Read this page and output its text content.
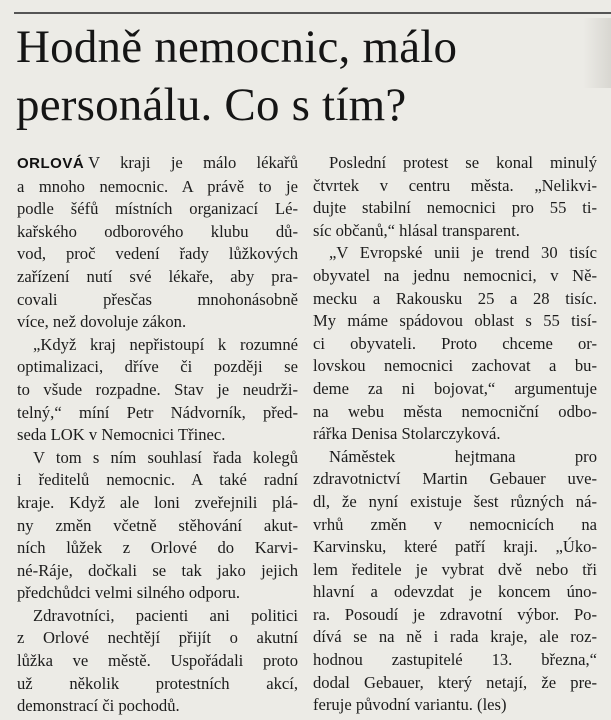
Hodně nemocnic, málo
personálu. Co s tím?
ORLOVÁ V kraji je málo lékařů
a mnoho nemocnic. A právě to je
podle šéfů místních organizací Lé-
kařského odborového klubu dů-
vod, proč vedení řady lůžkových
zařízení nutí své lékaře, aby pra-
covali přesčas mnohonásobně
více, než dovoluje zákon.
„Když kraj nepřistoupí k rozumné
optimalizaci, dříve či později se
to všude rozpadne. Stav je neudrži-
telný,“ míní Petr Nádvorník, před-
seda LOK v Nemocnici Třinec.
V tom s ním souhlasí řada kolegů
i ředitelů nemocnic. A také radní
kraje. Když ale loni zveřejnili plá-
ny změn včetně stěhování akut-
ních lůžek z Orlové do Karvi-
né-Ráje, dočkali se tak jako jejich
předchůdci velmi silného odporu.
Zdravotníci, pacienti ani politici
z Orlové nechtějí přijít o akutní
lůžka ve městě. Uspořádali proto
už několik protestních akcí,
demonstrací či pochodů.
Poslední protest se konal minulý
čtvrtek v centru města. „Nelikvi-
dujte stabilní nemocnici pro 55 ti-
síc občanů,“ hlásal transparent.
„V Evropské unii je trend 30 tisíc
obyvatel na jednu nemocnici, v Ně-
mecku a Rakousku 25 a 28 tisíc.
My máme spádovou oblast s 55 tisí-
ci obyvateli. Proto chceme or-
lovskou nemocnici zachovat a bu-
deme za ni bojovat,“ argumentuje
na webu města nemocniční odbo-
rářka Denisa Stolarczyková.
Náměstek hejtmana pro
zdravotnictví Martin Gebauer uve-
dl, že nyní existuje šest různých ná-
vrhů změn v nemocnicích na
Karvinsku, které patří kraji. „Úko-
lem ředitele je vybrat dvě nebo tři
hlavní a odevzdat je koncem úno-
ra. Posoudí je zdravotní výbor. Po-
dívá se na ně i rada kraje, ale roz-
hodnou zastupitelé 13. března,“
dodal Gebauer, který netají, že pre-
feruje původní variantu. (les)
